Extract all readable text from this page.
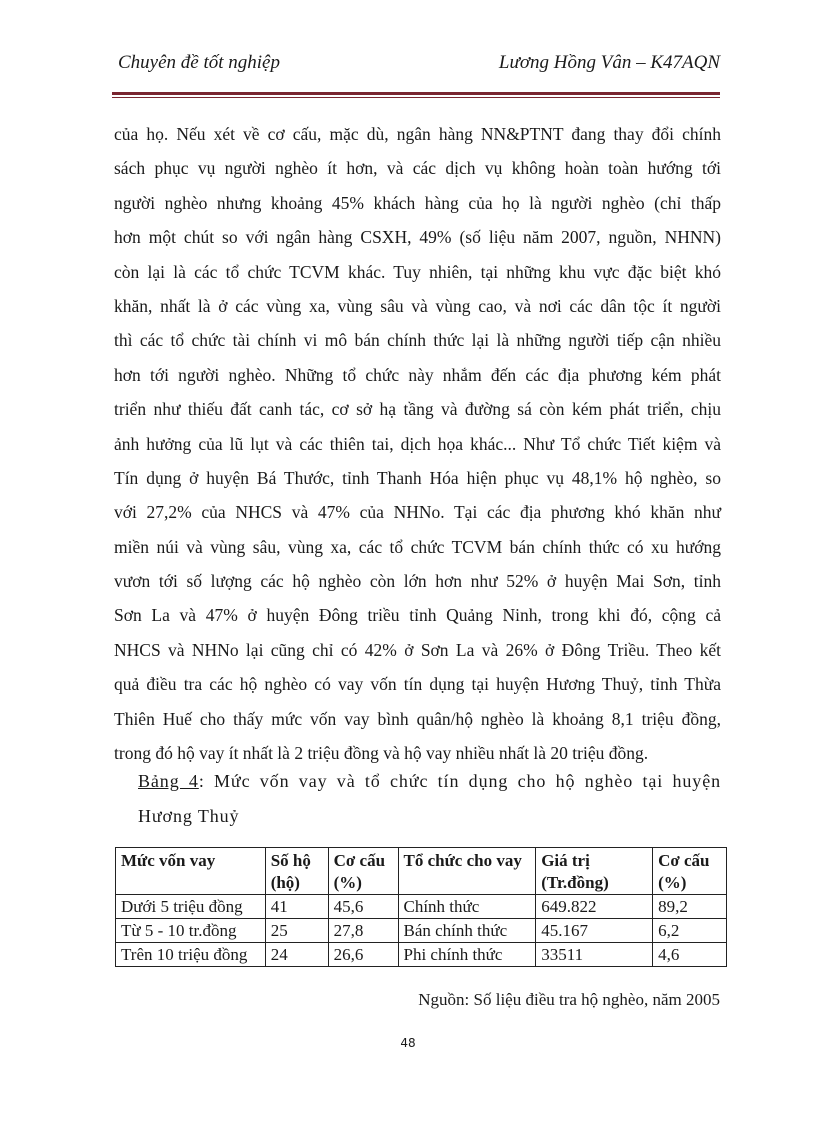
Chuyên đề tốt nghiệp	Lương Hồng Vân – K47AQN
của họ. Nếu xét về cơ cấu, mặc dù, ngân hàng NN&PTNT đang thay đổi chính
sách phục vụ người nghèo ít hơn, và các dịch vụ không hoàn toàn hướng tới
người nghèo nhưng khoảng 45% khách hàng của họ là người nghèo (chỉ thấp
hơn một chút so với ngân hàng CSXH, 49% (số liệu năm 2007, nguồn, NHNN)
còn lại là các tổ chức TCVM khác. Tuy nhiên, tại những khu vực đặc biệt khó
khăn, nhất là ở các vùng xa, vùng sâu và vùng cao, và nơi các dân tộc ít người
thì các tổ chức tài chính vi mô bán chính thức lại là những người tiếp cận nhiều
hơn tới người nghèo. Những tổ chức này nhắm đến các địa phương kém phát
triển như thiếu đất canh tác, cơ sở hạ tầng và đường sá còn kém phát triển, chịu
ảnh hưởng của lũ lụt và các thiên tai, dịch họa khác... Như Tổ chức Tiết kiệm và
Tín dụng ở huyện Bá Thước, tỉnh Thanh Hóa hiện phục vụ 48,1% hộ nghèo, so
với 27,2% của NHCS và 47% của NHNo. Tại các địa phương khó khăn như
miền núi và vùng sâu, vùng xa, các tổ chức TCVM bán chính thức có xu hướng
vươn tới số lượng các hộ nghèo còn lớn hơn như 52% ở huyện Mai Sơn, tỉnh
Sơn La và 47% ở huyện Đông triều tỉnh Quảng Ninh, trong khi đó, cộng cả
NHCS và NHNo lại cũng chỉ có 42% ở Sơn La và 26% ở Đông Triều. Theo kết
quả điều tra các hộ nghèo có vay vốn tín dụng tại huyện Hương Thuỷ, tỉnh Thừa
Thiên Huế cho thấy mức vốn vay bình quân/hộ nghèo là khoảng 8,1 triệu đồng,
trong đó hộ vay ít nhất là 2 triệu đồng và hộ vay nhiều nhất là 20 triệu đồng.
Bảng 4: Mức vốn vay và tổ chức tín dụng cho hộ nghèo tại huyện
Hương Thuỷ
Mức vốn vay	Số hộ (hộ)	Cơ cấu (%)	Tổ chức cho vay	Giá trị (Tr.đồng)	Cơ cấu (%)
Dưới 5 triệu đồng	41	45,6	Chính thức	649.822	89,2
Từ 5 - 10 tr.đồng	25	27,8	Bán chính thức	45.167	6,2
Trên 10 triệu đồng	24	26,6	Phi chính thức	33511	4,6
Nguồn: Số liệu điều tra hộ nghèo, năm 2005
48
